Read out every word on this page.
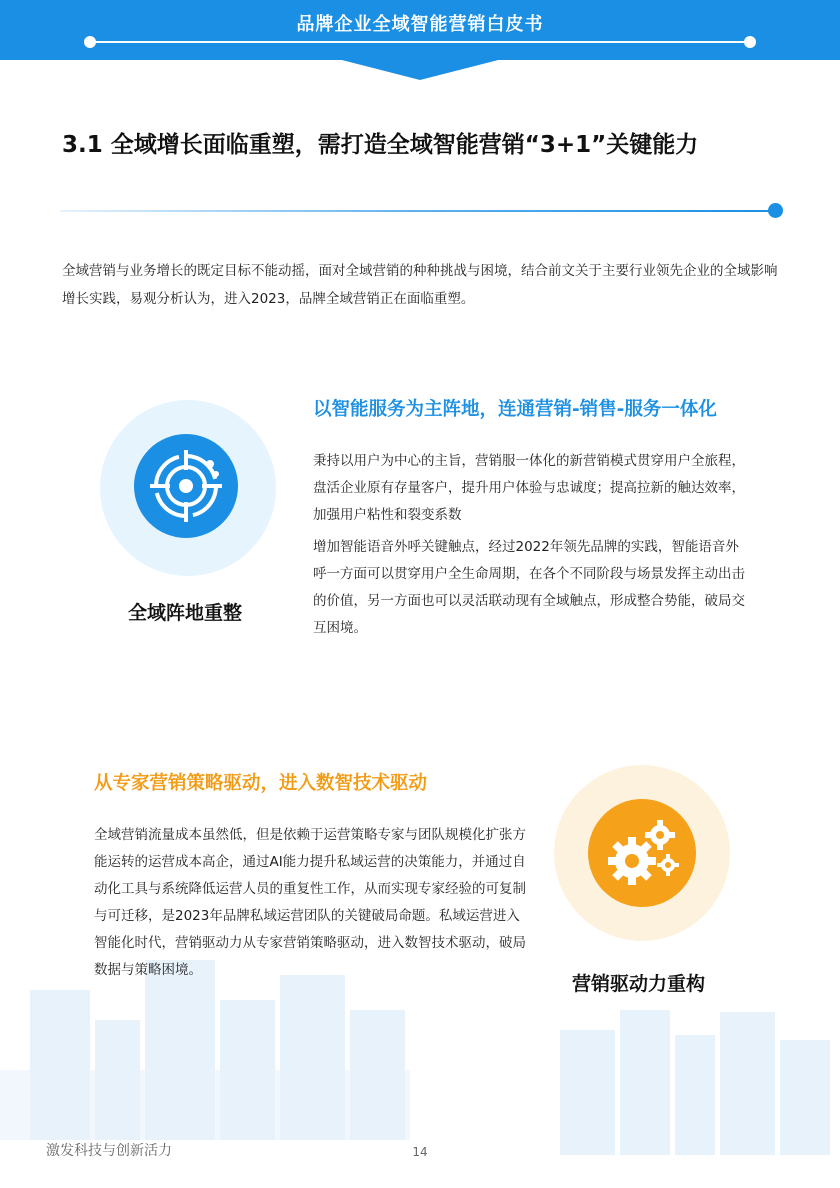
品牌企业全域智能营销白皮书
3.1 全域增长面临重塑，需打造全域智能营销“3+1”关键能力
全域营销与业务增长的既定目标不能动摇，面对全域营销的种种挑战与困境，结合前文关于主要行业领先企业的全域影响增长实践，易观分析认为，进入2023，品牌全域营销正在面临重塑。
全域阵地重整
以智能服务为主阵地，连通营销-销售-服务一体化
秉持以用户为中心的主旨，营销服一体化的新营销模式贯穿用户全旅程，盘活企业原有存量客户，提升用户体验与忠诚度；提高拉新的触达效率，加强用户粘性和裂变系数
增加智能语音外呼关键触点，经过2022年领先品牌的实践，智能语音外呼一方面可以贯穿用户全生命周期，在各个不同阶段与场景发挥主动出击的价值，另一方面也可以灵活联动现有全域触点，形成整合势能，破局交互困境。
从专家营销策略驱动，进入数智技术驱动
全域营销流量成本虽然低，但是依赖于运营策略专家与团队规模化扩张方能运转的运营成本高企，通过AI能力提升私域运营的决策能力，并通过自动化工具与系统降低运营人员的重复性工作，从而实现专家经验的可复制与可迁移，是2023年品牌私域运营团队的关键破局命题。私域运营进入智能化时代，营销驱动力从专家营销策略驱动，进入数智技术驱动，破局数据与策略困境。
营销驱动力重构
激发科技与创新活力	14
